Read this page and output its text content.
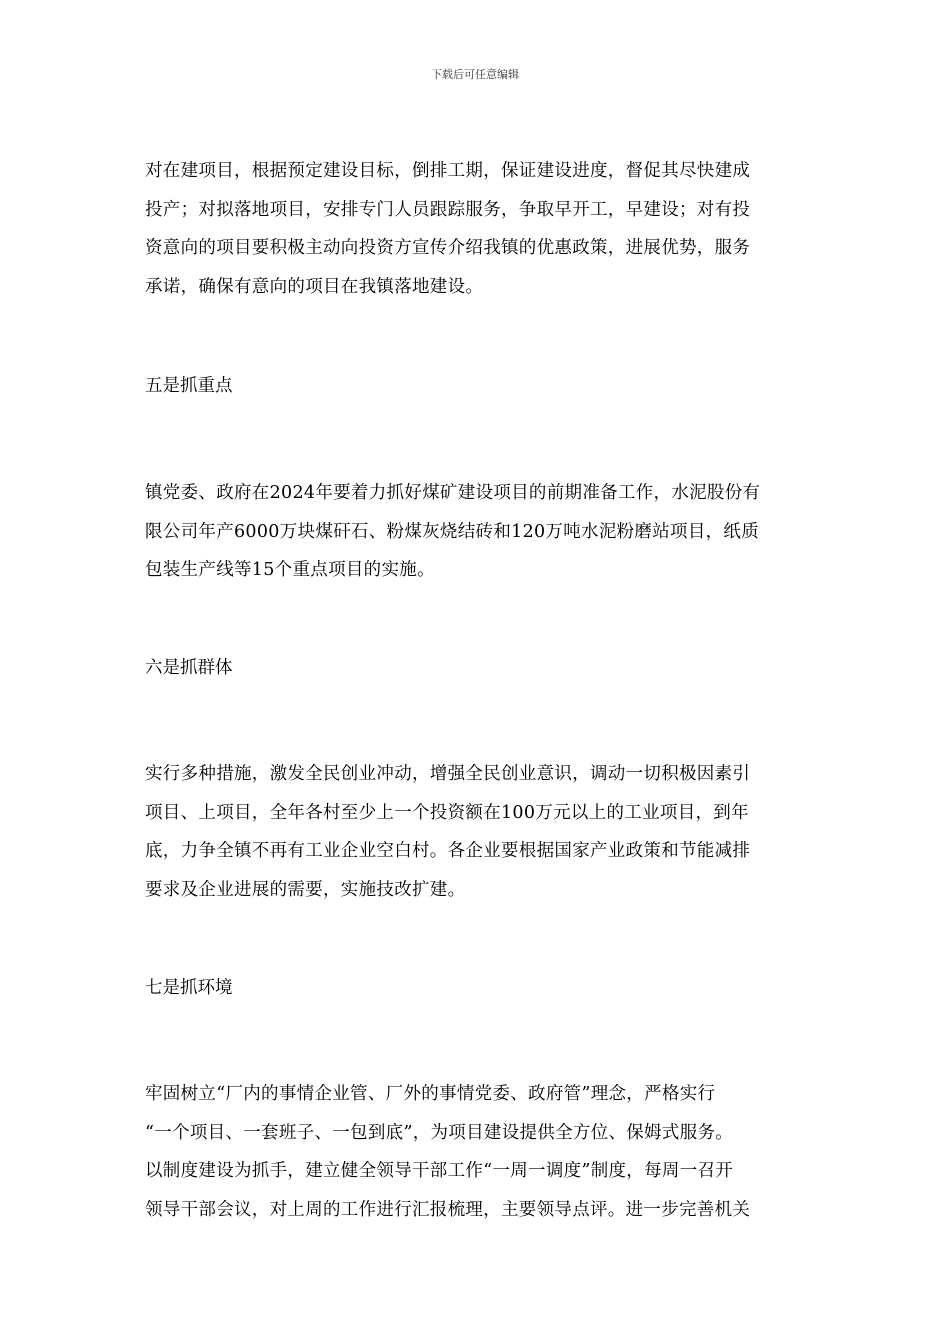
下载后可任意编辑

对在建项目，根据预定建设目标，倒排工期，保证建设进度，督促其尽快建成

投产；对拟落地项目，安排专门人员跟踪服务，争取早开工，早建设；对有投

资意向的项目要积极主动向投资方宣传介绍我镇的优惠政策，进展优势，服务

承诺，确保有意向的项目在我镇落地建设。

五是抓重点

镇党委、政府在2024年要着力抓好煤矿建设项目的前期准备工作，水泥股份有

限公司年产6000万块煤矸石、粉煤灰烧结砖和120万吨水泥粉磨站项目，纸质

包装生产线等15个重点项目的实施。

六是抓群体

实行多种措施，激发全民创业冲动，增强全民创业意识，调动一切积极因素引

项目、上项目，全年各村至少上一个投资额在100万元以上的工业项目，到年

底，力争全镇不再有工业企业空白村。各企业要根据国家产业政策和节能减排

要求及企业进展的需要，实施技改扩建。

七是抓环境

牢固树立“厂内的事情企业管、厂外的事情党委、政府管”理念，严格实行

“一个项目、一套班子、一包到底”，为项目建设提供全方位、保姆式服务。

以制度建设为抓手，建立健全领导干部工作“一周一调度”制度，每周一召开

领导干部会议，对上周的工作进行汇报梳理，主要领导点评。进一步完善机关
